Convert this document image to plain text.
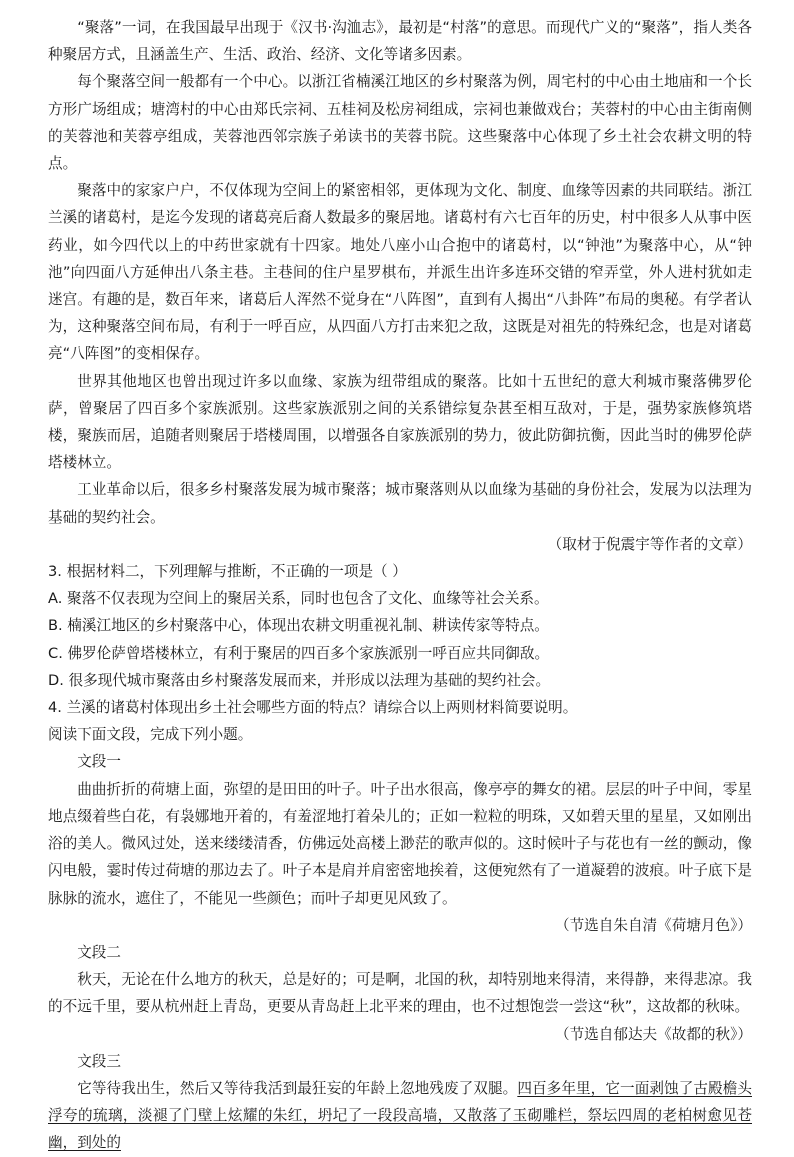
“聚落”一词，在我国最早出现于《汉书·沟洫志》，最初是“村落”的意思。而现代广义的“聚落”，指人类各种聚居方式，且涵盖生产、生活、政治、经济、文化等诸多因素。

每个聚落空间一般都有一个中心。以浙江省楠溪江地区的乡村聚落为例，周宅村的中心由土地庙和一个长方形广场组成；塘湾村的中心由郑氏宗祠、五桂祠及松房祠组成，宗祠也兼做戏台；芙蓉村的中心由主街南侧的芙蓉池和芙蓉亭组成，芙蓉池西邻宗族子弟读书的芙蓉书院。这些聚落中心体现了乡土社会农耕文明的特点。

聚落中的家家户户，不仅体现为空间上的紧密相邻，更体现为文化、制度、血缘等因素的共同联结。浙江兰溪的诸葛村，是迄今发现的诸葛亮后裔人数最多的聚居地。诸葛村有六七百年的历史，村中很多人从事中医药业，如今四代以上的中药世家就有十四家。地处八座小山合抱中的诸葛村，以“钟池”为聚落中心，从“钟池”向四面八方延伸出八条主巷。主巷间的住户星罗棋布，并派生出许多连环交错的窄弄堂，外人进村犹如走迷宫。有趣的是，数百年来，诸葛后人浑然不觉身在“八阵图”，直到有人揭出“八卦阵”布局的奥秘。有学者认为，这种聚落空间布局，有利于一呼百应，从四面八方打击来犯之敌，这既是对祖先的特殊纪念，也是对诸葛亮“八阵图”的变相保存。

世界其他地区也曾出现过许多以血缘、家族为纽带组成的聚落。比如十五世纪的意大利城市聚落佛罗伦萨，曾聚居了四百多个家族派别。这些家族派别之间的关系错综复杂甚至相互敌对，于是，强势家族修筑塔楼，聚族而居，追随者则聚居于塔楼周围，以增强各自家族派别的势力，彼此防御抗衡，因此当时的佛罗伦萨塔楼林立。

工业革命以后，很多乡村聚落发展为城市聚落；城市聚落则从以血缘为基础的身份社会，发展为以法理为基础的契约社会。

（取材于倪震宇等作者的文章）

3. 根据材料二，下列理解与推断，不正确的一项是（ ）

A. 聚落不仅表现为空间上的聚居关系，同时也包含了文化、血缘等社会关系。

B. 楠溪江地区的乡村聚落中心，体现出农耕文明重视礼制、耕读传家等特点。

C. 佛罗伦萨曾塔楼林立，有利于聚居的四百多个家族派别一呼百应共同御敌。

D. 很多现代城市聚落由乡村聚落发展而来，并形成以法理为基础的契约社会。

4. 兰溪的诸葛村体现出乡土社会哪些方面的特点？请综合以上两则材料简要说明。

阅读下面文段，完成下列小题。

文段一

曲曲折折的荷塘上面，弥望的是田田的叶子。叶子出水很高，像亭亭的舞女的裙。层层的叶子中间，零星地点缀着些白花，有袅娜地开着的，有羞涩地打着朵儿的；正如一粒粒的明珠，又如碧天里的星星，又如刚出浴的美人。微风过处，送来缕缕清香，仿佛远处高楼上渺茫的歌声似的。这时候叶子与花也有一丝的颤动，像闪电般，霎时传过荷塘的那边去了。叶子本是肩并肩密密地挨着，这便宛然有了一道凝碧的波痕。叶子底下是脉脉的流水，遮住了，不能见一些颜色；而叶子却更见风致了。

（节选自朱自清《荷塘月色》）

文段二

秋天，无论在什么地方的秋天，总是好的；可是啊，北国的秋，却特别地来得清，来得静，来得悲凉。我的不远千里，要从杭州赶上青岛，更要从青岛赶上北平来的理由，也不过想饱尝一尝这“秋”，这故都的秋味。

（节选自郁达夫《故都的秋》）

文段三

它等待我出生，然后又等待我活到最狂妄的年龄上忽地残废了双腿。四百多年里，它一面剥蚀了古殿檐头浮夸的琉璃，淡褪了门壁上炫耀的朱红，坍圮了一段段高墙，又散落了玉砌雕栏，祭坛四周的老柏树愈见苍幽，到处的
